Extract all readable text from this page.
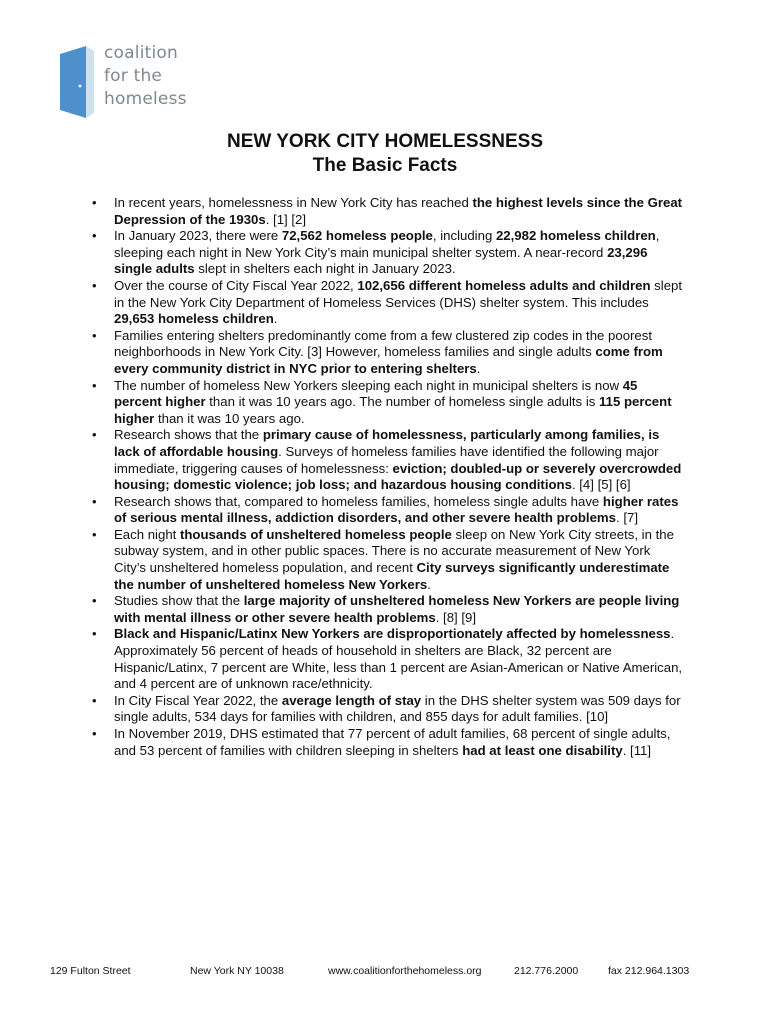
coalition
for the
homeless
NEW YORK CITY HOMELESSNESS
The Basic Facts
• In recent years, homelessness in New York City has reached the highest levels since the Great Depression of the 1930s. [1] [2]
• In January 2023, there were 72,562 homeless people, including 22,982 homeless children, sleeping each night in New York City’s main municipal shelter system. A near-record 23,296 single adults slept in shelters each night in January 2023.
• Over the course of City Fiscal Year 2022, 102,656 different homeless adults and children slept in the New York City Department of Homeless Services (DHS) shelter system. This includes 29,653 homeless children.
• Families entering shelters predominantly come from a few clustered zip codes in the poorest neighborhoods in New York City. [3] However, homeless families and single adults come from every community district in NYC prior to entering shelters.
• The number of homeless New Yorkers sleeping each night in municipal shelters is now 45 percent higher than it was 10 years ago. The number of homeless single adults is 115 percent higher than it was 10 years ago.
• Research shows that the primary cause of homelessness, particularly among families, is lack of affordable housing. Surveys of homeless families have identified the following major immediate, triggering causes of homelessness: eviction; doubled-up or severely overcrowded housing; domestic violence; job loss; and hazardous housing conditions. [4] [5] [6]
• Research shows that, compared to homeless families, homeless single adults have higher rates of serious mental illness, addiction disorders, and other severe health problems. [7]
• Each night thousands of unsheltered homeless people sleep on New York City streets, in the subway system, and in other public spaces. There is no accurate measurement of New York City’s unsheltered homeless population, and recent City surveys significantly underestimate the number of unsheltered homeless New Yorkers.
• Studies show that the large majority of unsheltered homeless New Yorkers are people living with mental illness or other severe health problems. [8] [9]
• Black and Hispanic/Latinx New Yorkers are disproportionately affected by homelessness. Approximately 56 percent of heads of household in shelters are Black, 32 percent are Hispanic/Latinx, 7 percent are White, less than 1 percent are Asian-American or Native American, and 4 percent are of unknown race/ethnicity.
• In City Fiscal Year 2022, the average length of stay in the DHS shelter system was 509 days for single adults, 534 days for families with children, and 855 days for adult families. [10]
• In November 2019, DHS estimated that 77 percent of adult families, 68 percent of single adults, and 53 percent of families with children sleeping in shelters had at least one disability. [11]
129 Fulton Street	New York NY 10038	www.coalitionforthehomeless.org	212.776.2000	fax 212.964.1303
